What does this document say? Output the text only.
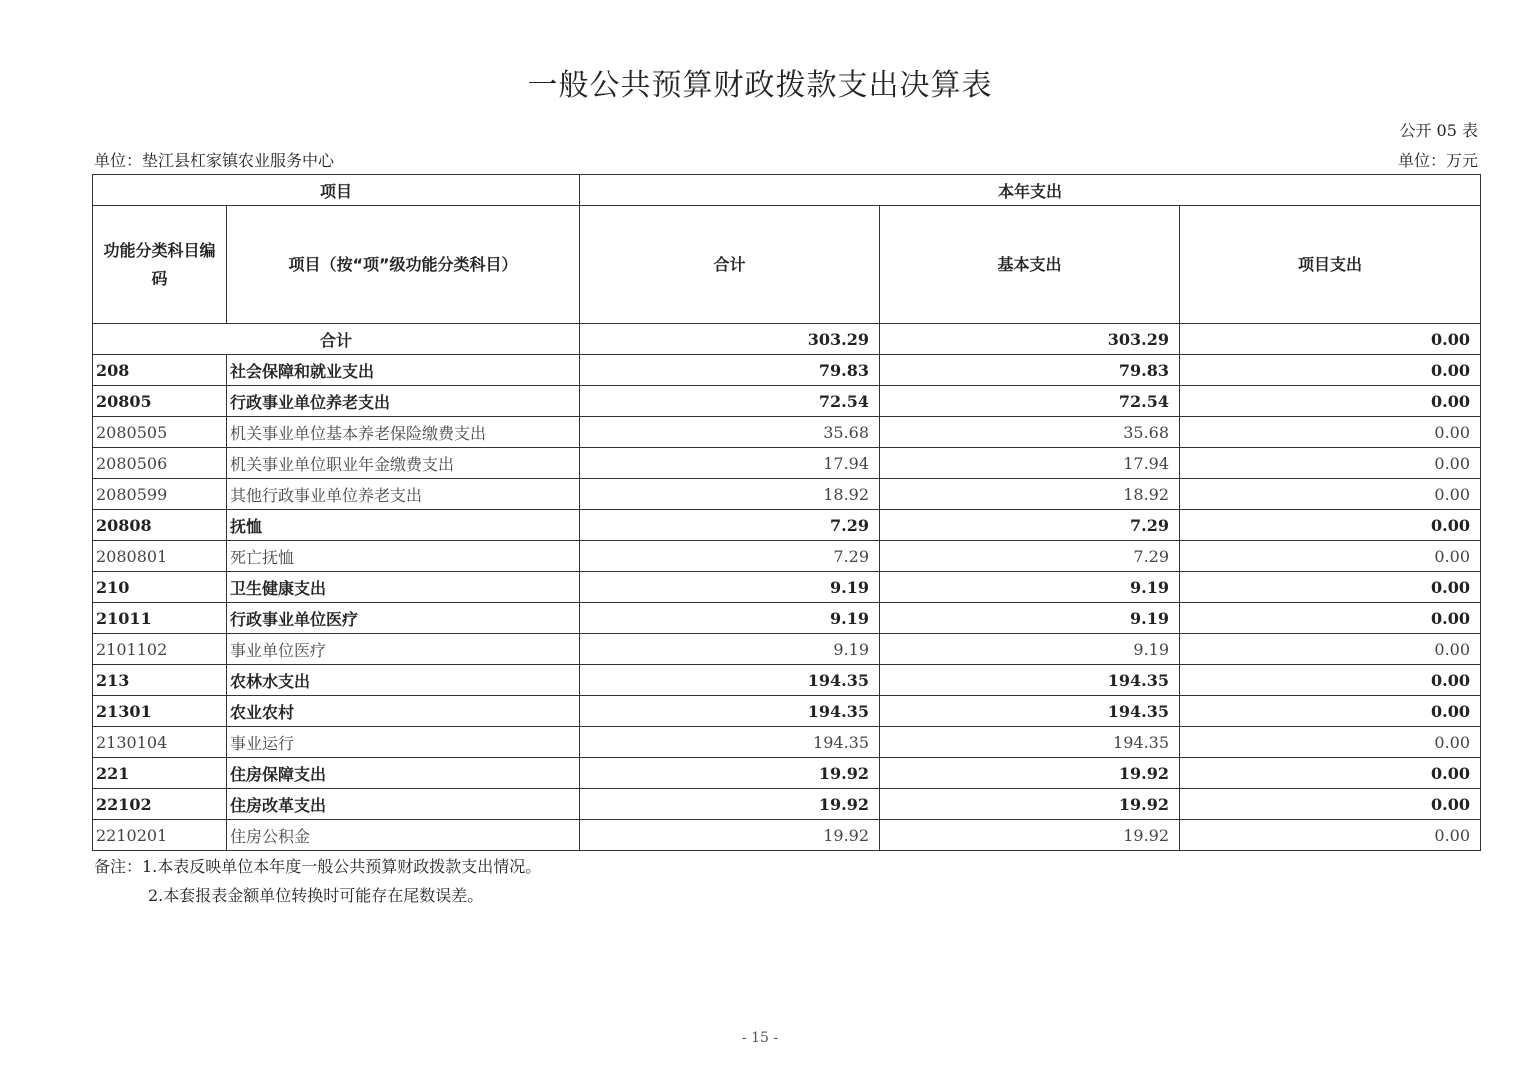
一般公共预算财政拨款支出决算表
公开 05 表
单位：垫江县杠家镇农业服务中心	单位：万元
项目		本年支出		
功能分类科目编码	项目（按“项”级功能分类科目）	合计	基本支出	项目支出
合计		303.29	303.29	0.00
208	社会保障和就业支出	79.83	79.83	0.00
20805	行政事业单位养老支出	72.54	72.54	0.00
2080505	机关事业单位基本养老保险缴费支出	35.68	35.68	0.00
2080506	机关事业单位职业年金缴费支出	17.94	17.94	0.00
2080599	其他行政事业单位养老支出	18.92	18.92	0.00
20808	抚恤	7.29	7.29	0.00
2080801	死亡抚恤	7.29	7.29	0.00
210	卫生健康支出	9.19	9.19	0.00
21011	行政事业单位医疗	9.19	9.19	0.00
2101102	事业单位医疗	9.19	9.19	0.00
213	农林水支出	194.35	194.35	0.00
21301	农业农村	194.35	194.35	0.00
2130104	事业运行	194.35	194.35	0.00
221	住房保障支出	19.92	19.92	0.00
22102	住房改革支出	19.92	19.92	0.00
2210201	住房公积金	19.92	19.92	0.00
备注：1.本表反映单位本年度一般公共预算财政拨款支出情况。
2.本套报表金额单位转换时可能存在尾数误差。
- 15 -
